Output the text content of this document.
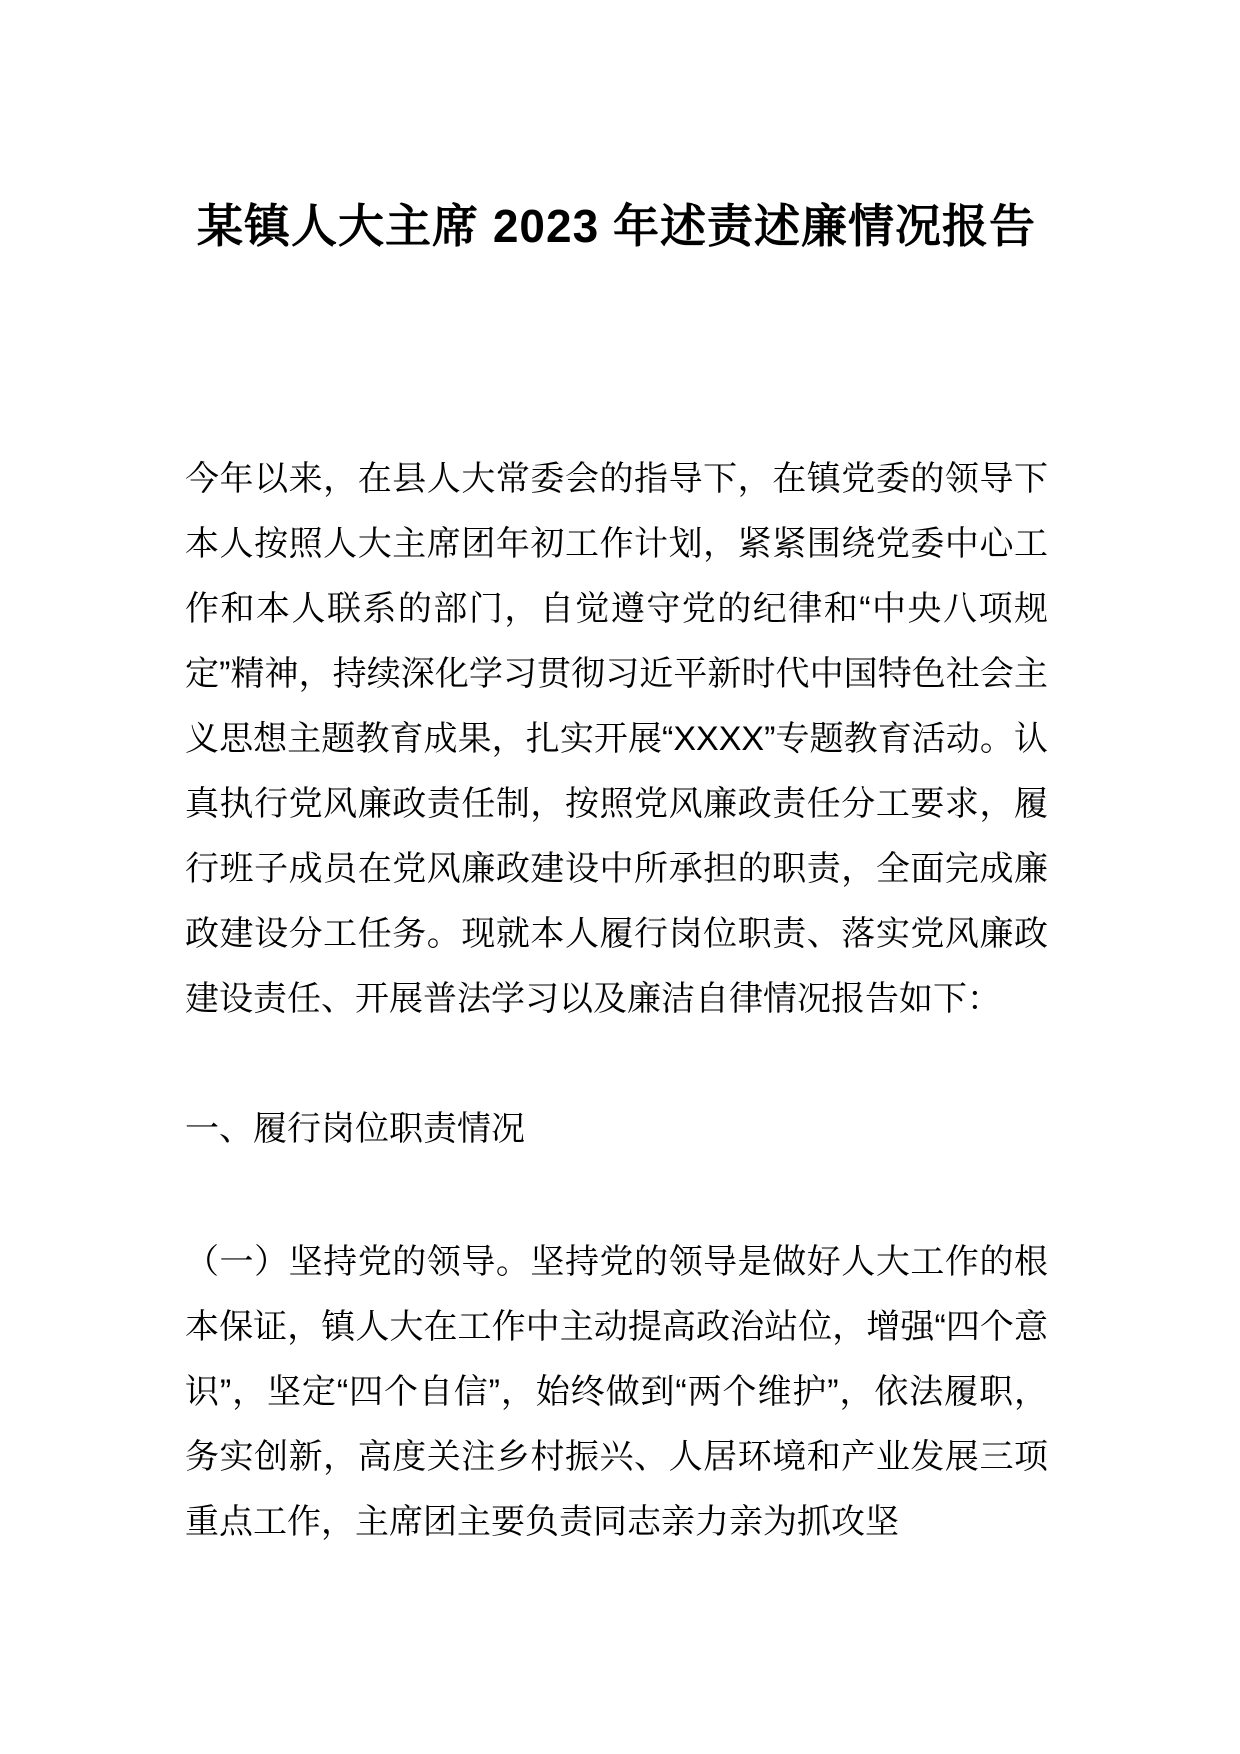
某镇人大主席 2023 年述责述廉情况报告

今年以来，在县人大常委会的指导下，在镇党委的领导下本人按照人大主席团年初工作计划，紧紧围绕党委中心工作和本人联系的部门，自觉遵守党的纪律和“中央八项规定”精神，持续深化学习贯彻习近平新时代中国特色社会主义思想主题教育成果，扎实开展“XXXX”专题教育活动。认真执行党风廉政责任制，按照党风廉政责任分工要求，履行班子成员在党风廉政建设中所承担的职责，全面完成廉政建设分工任务。现就本人履行岗位职责、落实党风廉政建设责任、开展普法学习以及廉洁自律情况报告如下：

一、履行岗位职责情况

（一）坚持党的领导。坚持党的领导是做好人大工作的根本保证，镇人大在工作中主动提高政治站位，增强“四个意识”，坚定“四个自信”，始终做到“两个维护”，依法履职，务实创新，高度关注乡村振兴、人居环境和产业发展三项重点工作，主席团主要负责同志亲力亲为抓攻坚
